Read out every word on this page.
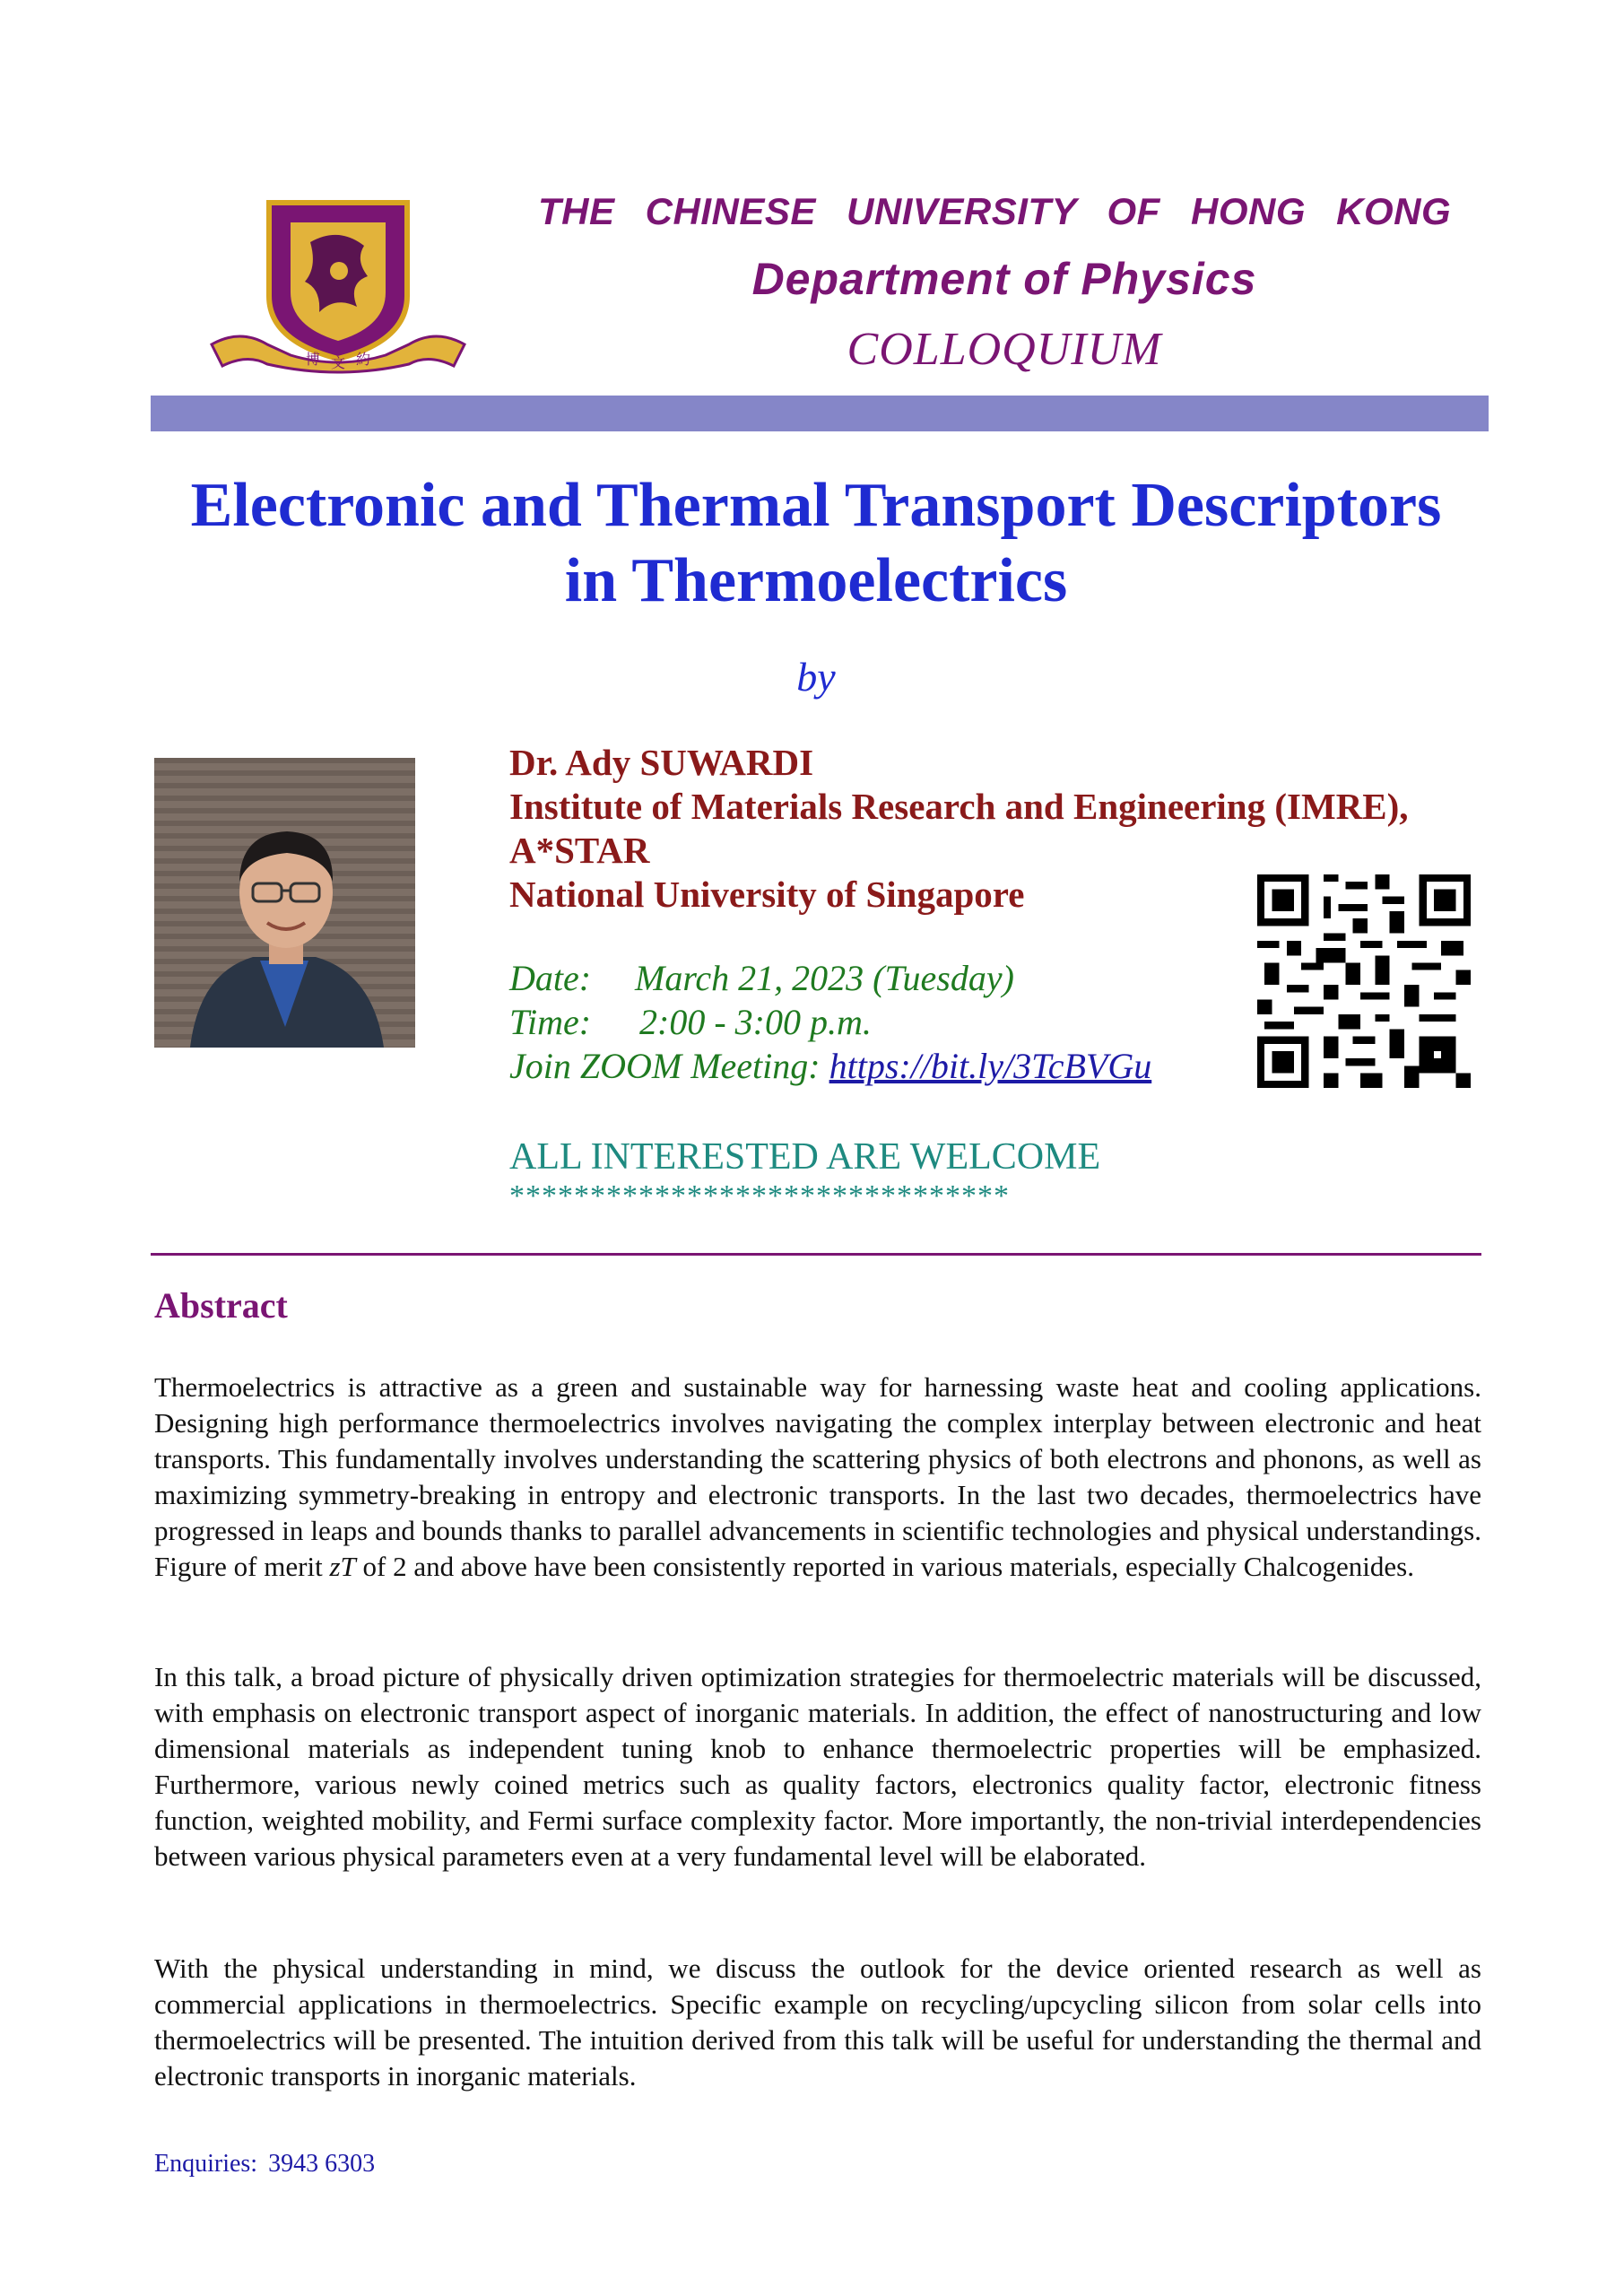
博 文 約
THE CHINESE UNIVERSITY OF HONG KONG
Department of Physics
COLLOQUIUM
Electronic and Thermal Transport Descriptors
in Thermoelectrics
by
Dr. Ady SUWARDI
Institute of Materials Research and Engineering (IMRE),
A*STAR
National University of Singapore
Date: March 21, 2023 (Tuesday)
Time: 2:00 - 3:00 p.m.
Join ZOOM Meeting: https://bit.ly/3TcBVGu
ALL INTERESTED ARE WELCOME
*******************************
Abstract
Thermoelectrics is attractive as a green and sustainable way for harnessing waste heat and cooling applications. Designing high performance thermoelectrics involves navigating the complex interplay between electronic and heat transports. This fundamentally involves understanding the scattering physics of both electrons and phonons, as well as maximizing symmetry-breaking in entropy and electronic transports. In the last two decades, thermoelectrics have progressed in leaps and bounds thanks to parallel advancements in scientific technologies and physical understandings. Figure of merit zT of 2 and above have been consistently reported in various materials, especially Chalcogenides.
In this talk, a broad picture of physically driven optimization strategies for thermoelectric materials will be discussed, with emphasis on electronic transport aspect of inorganic materials. In addition, the effect of nanostructuring and low dimensional materials as independent tuning knob to enhance thermoelectric properties will be emphasized. Furthermore, various newly coined metrics such as quality factors, electronics quality factor, electronic fitness function, weighted mobility, and Fermi surface complexity factor. More importantly, the non-trivial interdependencies between various physical parameters even at a very fundamental level will be elaborated.
With the physical understanding in mind, we discuss the outlook for the device oriented research as well as commercial applications in thermoelectrics. Specific example on recycling/upcycling silicon from solar cells into thermoelectrics will be presented. The intuition derived from this talk will be useful for understanding the thermal and electronic transports in inorganic materials.
Enquiries: 3943 6303
